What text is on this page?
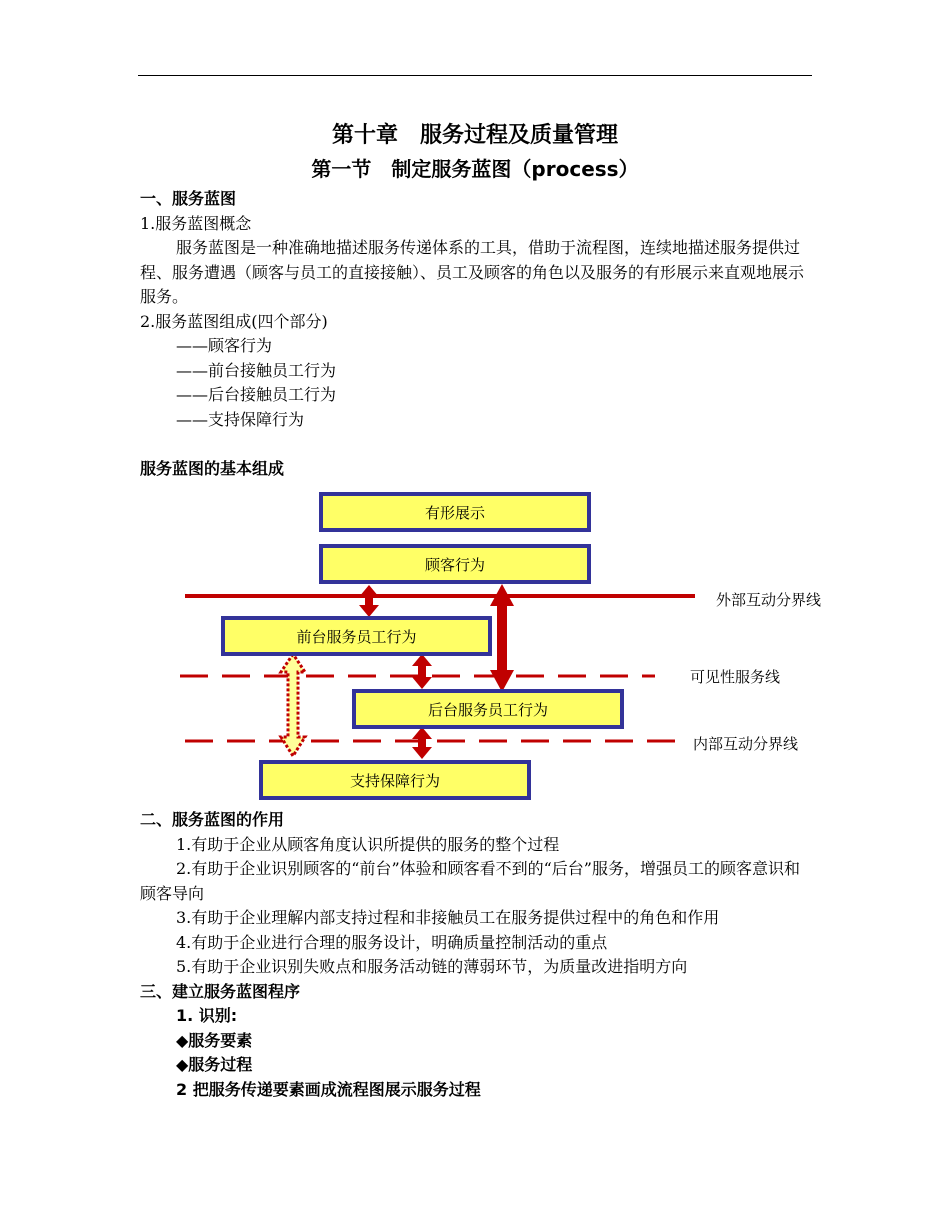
第十章　服务过程及质量管理
第一节　制定服务蓝图（process）

一、服务蓝图

1.服务蓝图概念

服务蓝图是一种准确地描述服务传递体系的工具，借助于流程图，连续地描述服务提供过程、服务遭遇（顾客与员工的直接接触）、员工及顾客的角色以及服务的有形展示来直观地展示服务。

2.服务蓝图组成(四个部分)

——顾客行为

——前台接触员工行为

——后台接触员工行为

——支持保障行为

服务蓝图的基本组成

有形展示
顾客行为
前台服务员工行为
后台服务员工行为
支持保障行为
外部互动分界线
可见性服务线
内部互动分界线

二、服务蓝图的作用

1.有助于企业从顾客角度认识所提供的服务的整个过程

2.有助于企业识别顾客的“前台”体验和顾客看不到的“后台”服务，增强员工的顾客意识和顾客导向

3.有助于企业理解内部支持过程和非接触员工在服务提供过程中的角色和作用

4.有助于企业进行合理的服务设计，明确质量控制活动的重点

5.有助于企业识别失败点和服务活动链的薄弱环节，为质量改进指明方向

三、建立服务蓝图程序

1. 识别:

◆服务要素

◆服务过程

2 把服务传递要素画成流程图展示服务过程
